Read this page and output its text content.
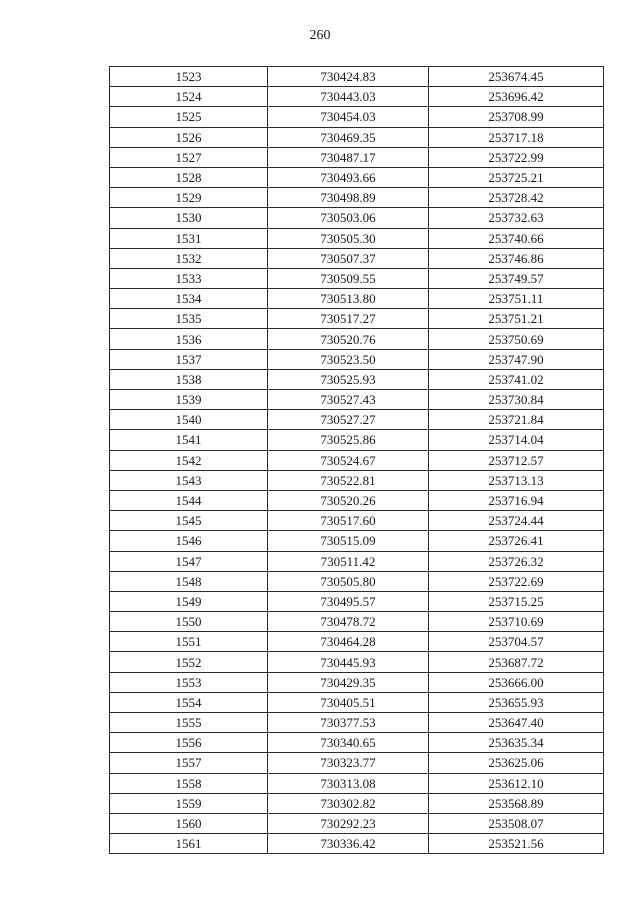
260
1523	730424.83	253674.45
1524	730443.03	253696.42
1525	730454.03	253708.99
1526	730469.35	253717.18
1527	730487.17	253722.99
1528	730493.66	253725.21
1529	730498.89	253728.42
1530	730503.06	253732.63
1531	730505.30	253740.66
1532	730507.37	253746.86
1533	730509.55	253749.57
1534	730513.80	253751.11
1535	730517.27	253751.21
1536	730520.76	253750.69
1537	730523.50	253747.90
1538	730525.93	253741.02
1539	730527.43	253730.84
1540	730527.27	253721.84
1541	730525.86	253714.04
1542	730524.67	253712.57
1543	730522.81	253713.13
1544	730520.26	253716.94
1545	730517.60	253724.44
1546	730515.09	253726.41
1547	730511.42	253726.32
1548	730505.80	253722.69
1549	730495.57	253715.25
1550	730478.72	253710.69
1551	730464.28	253704.57
1552	730445.93	253687.72
1553	730429.35	253666.00
1554	730405.51	253655.93
1555	730377.53	253647.40
1556	730340.65	253635.34
1557	730323.77	253625.06
1558	730313.08	253612.10
1559	730302.82	253568.89
1560	730292.23	253508.07
1561	730336.42	253521.56
